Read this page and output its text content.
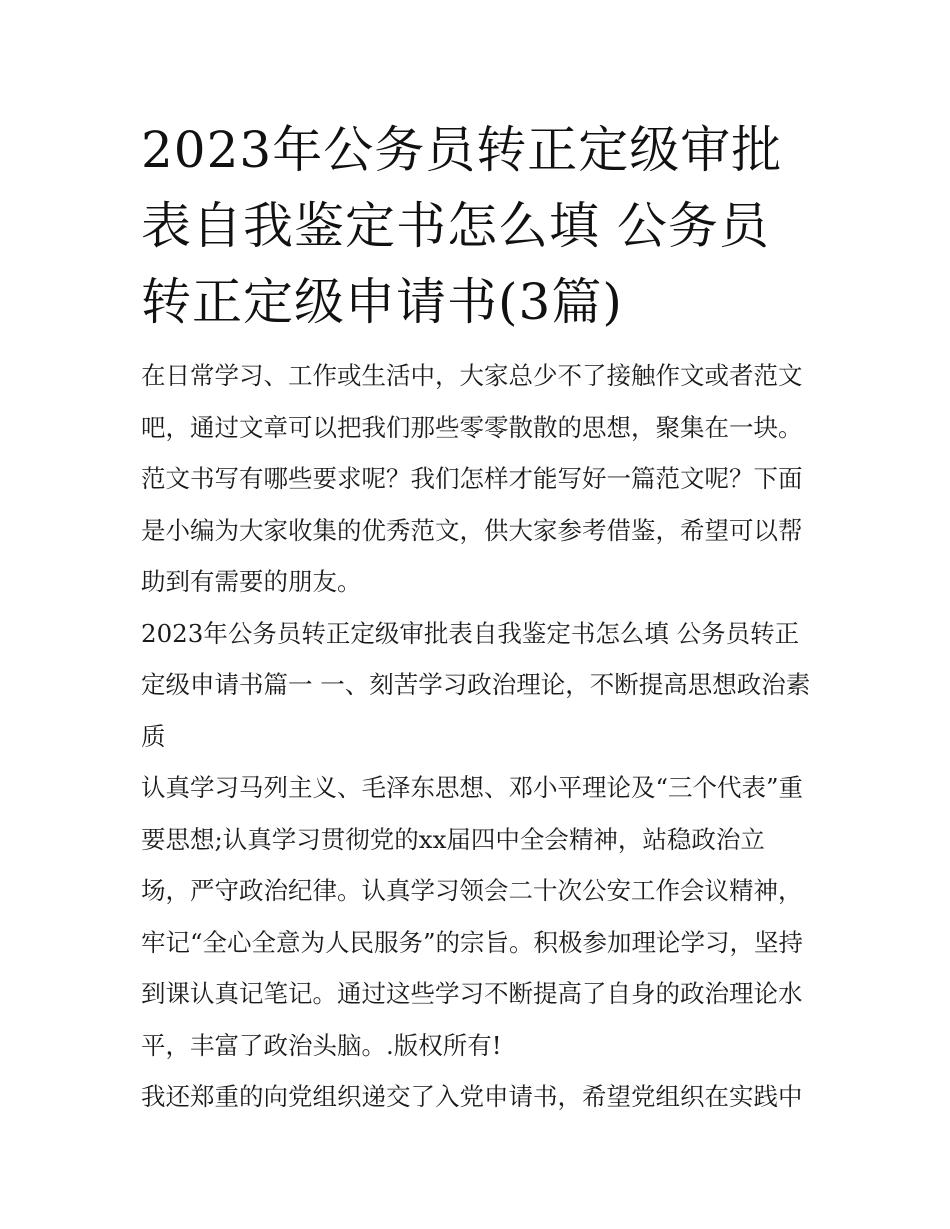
2023年公务员转正定级审批表自我鉴定书怎么填 公务员转正定级申请书(3篇)

在日常学习、工作或生活中，大家总少不了接触作文或者范文吧，通过文章可以把我们那些零零散散的思想，聚集在一块。范文书写有哪些要求呢？我们怎样才能写好一篇范文呢？下面是小编为大家收集的优秀范文，供大家参考借鉴，希望可以帮助到有需要的朋友。

2023年公务员转正定级审批表自我鉴定书怎么填 公务员转正定级申请书篇一 一、刻苦学习政治理论，不断提高思想政治素质

认真学习马列主义、毛泽东思想、邓小平理论及“三个代表”重要思想;认真学习贯彻党的xx届四中全会精神，站稳政治立场，严守政治纪律。认真学习领会二十次公安工作会议精神，牢记“全心全意为人民服务”的宗旨。积极参加理论学习，坚持到课认真记笔记。通过这些学习不断提高了自身的政治理论水平，丰富了政治头脑。.版权所有!

我还郑重的向党组织递交了入党申请书，希望党组织在实践中
